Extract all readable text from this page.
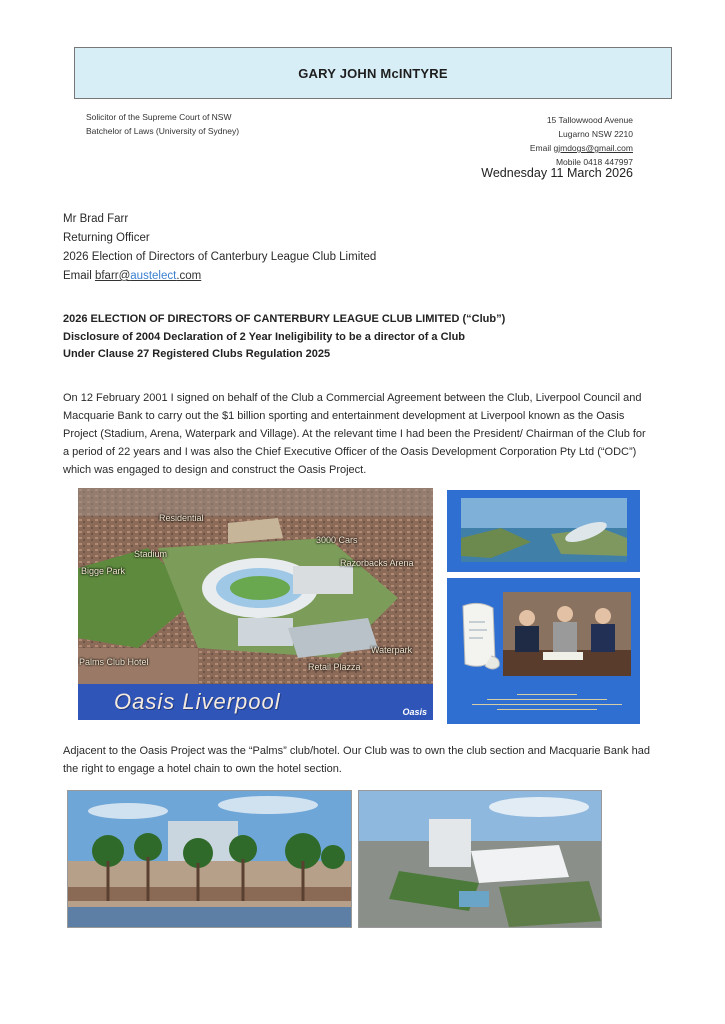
GARY JOHN McINTYRE
Solicitor of the Supreme Court of NSW
Batchelor of Laws (University of Sydney)
15 Tallowwood Avenue
Lugarno NSW 2210
Email gjmdogs@gmail.com
Mobile 0418 447997
Wednesday 11 March 2026
Mr Brad Farr
Returning Officer
2026 Election of Directors of Canterbury League Club Limited
Email bfarr@austelect.com
2026 ELECTION OF DIRECTORS OF CANTERBURY LEAGUE CLUB LIMITED (“Club”)
Disclosure of 2004 Declaration of 2 Year Ineligibility to be a director of a Club
Under Clause 27 Registered Clubs Regulation 2025
On 12 February 2001 I signed on behalf of the Club a Commercial Agreement between the Club, Liverpool Council and Macquarie Bank to carry out the $1 billion sporting and entertainment development at Liverpool known as the Oasis Project (Stadium, Arena, Waterpark and Village). At the relevant time I had been the President/ Chairman of the Club for a period of 22 years and I was also the Chief Executive Officer of the Oasis Development Corporation Pty Ltd (“ODC”) which was engaged to design and construct the Oasis Project.
Residential
3000 Cars
Stadium
Razorbacks Arena
Bigge Park
Waterpark
Palms Club Hotel	Retail Plazza
Oasis Liverpool	Oasis
Adjacent to the Oasis Project was the “Palms” club/hotel. Our Club was to own the club section and Macquarie Bank had the right to engage a hotel chain to own the hotel section.
